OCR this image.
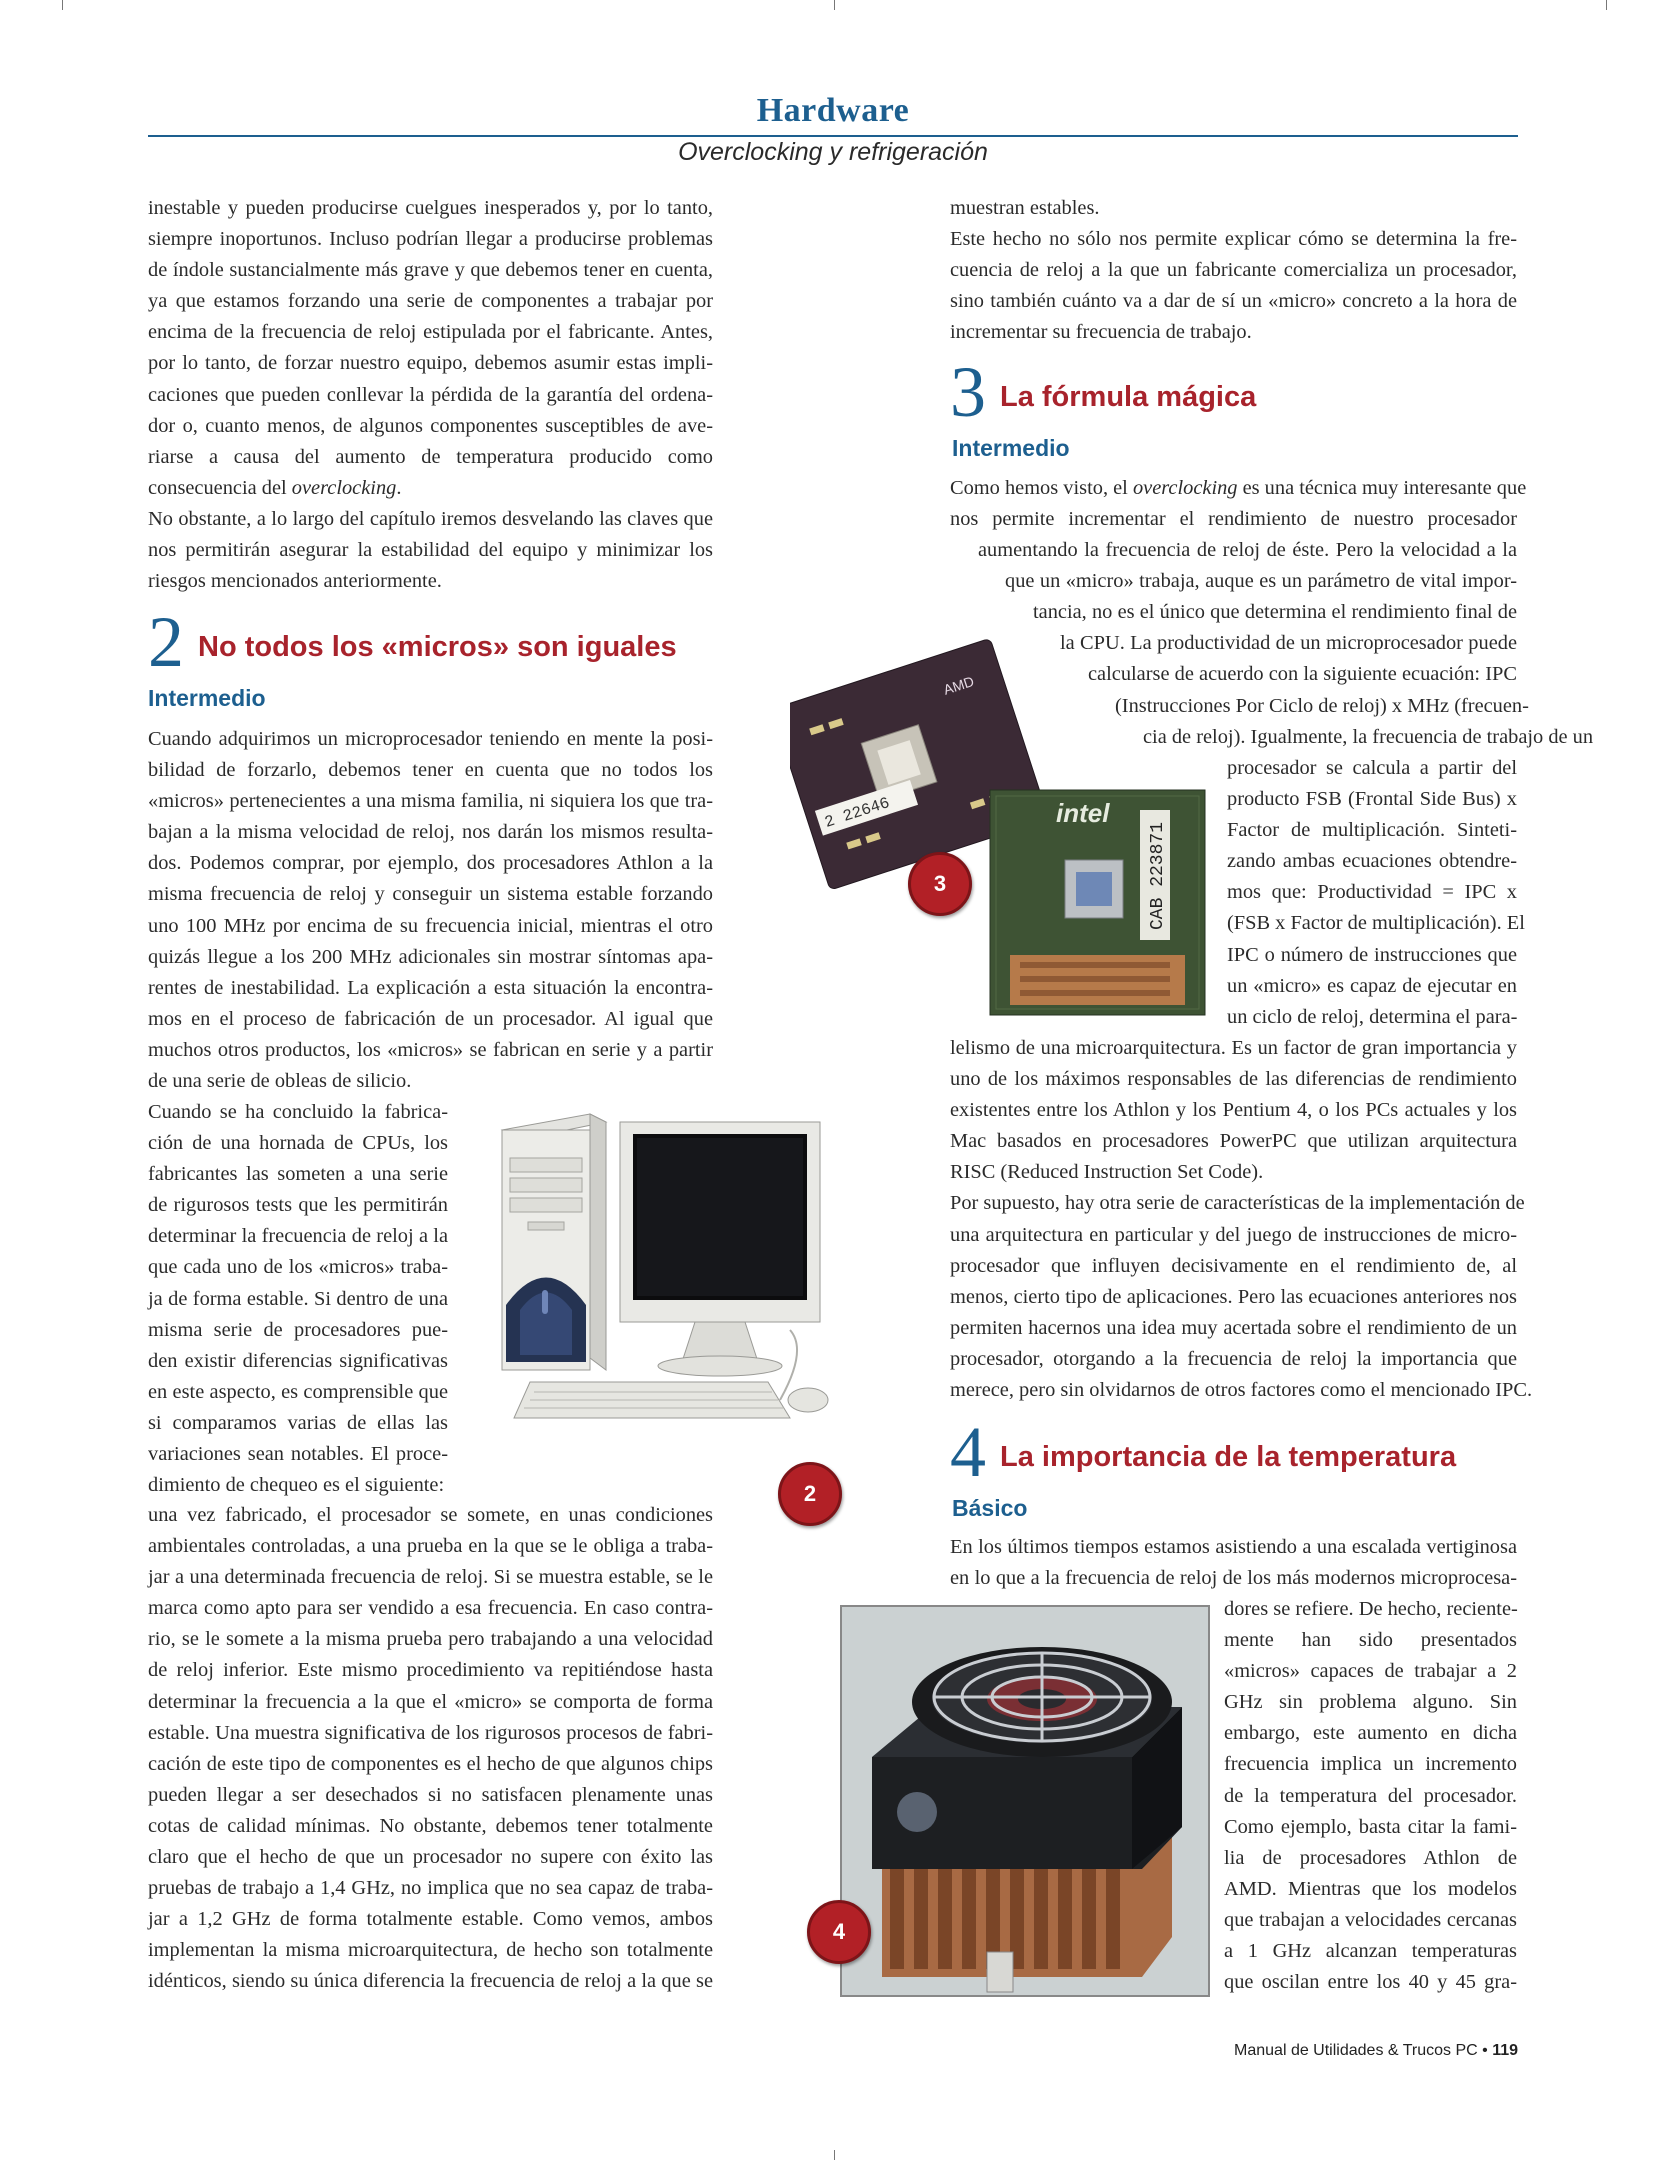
Hardware
Overclocking y refrigeración
inestable y pueden producirse cuelgues inesperados y, por lo tanto,
siempre inoportunos. Incluso podrían llegar a producirse problemas
de índole sustancialmente más grave y que debemos tener en cuenta,
ya que estamos forzando una serie de componentes a trabajar por
encima de la frecuencia de reloj estipulada por el fabricante. Antes,
por lo tanto, de forzar nuestro equipo, debemos asumir estas impli-
caciones que pueden conllevar la pérdida de la garantía del ordena-
dor o, cuanto menos, de algunos componentes susceptibles de ave-
riarse a causa del aumento de temperatura producido como
consecuencia del overclocking.
No obstante, a lo largo del capítulo iremos desvelando las claves que
nos permitirán asegurar la estabilidad del equipo y minimizar los
riesgos mencionados anteriormente.
2 No todos los «micros» son iguales
Intermedio
Cuando adquirimos un microprocesador teniendo en mente la posi-
bilidad de forzarlo, debemos tener en cuenta que no todos los
«micros» pertenecientes a una misma familia, ni siquiera los que tra-
bajan a la misma velocidad de reloj, nos darán los mismos resulta-
dos. Podemos comprar, por ejemplo, dos procesadores Athlon a la
misma frecuencia de reloj y conseguir un sistema estable forzando
uno 100 MHz por encima de su frecuencia inicial, mientras el otro
quizás llegue a los 200 MHz adicionales sin mostrar síntomas apa-
rentes de inestabilidad. La explicación a esta situación la encontra-
mos en el proceso de fabricación de un procesador. Al igual que
muchos otros productos, los «micros» se fabrican en serie y a partir
de una serie de obleas de silicio.
Cuando se ha concluido la fabrica-
ción de una hornada de CPUs, los
fabricantes las someten a una serie
de rigurosos tests que les permitirán
determinar la frecuencia de reloj a la
que cada uno de los «micros» traba-
ja de forma estable. Si dentro de una
misma serie de procesadores pue-
den existir diferencias significativas
en este aspecto, es comprensible que
si comparamos varias de ellas las
variaciones sean notables. El proce-
dimiento de chequeo es el siguiente:
una vez fabricado, el procesador se somete, en unas condiciones
ambientales controladas, a una prueba en la que se le obliga a traba-
jar a una determinada frecuencia de reloj. Si se muestra estable, se le
marca como apto para ser vendido a esa frecuencia. En caso contra-
rio, se le somete a la misma prueba pero trabajando a una velocidad
de reloj inferior. Este mismo procedimiento va repitiéndose hasta
determinar la frecuencia a la que el «micro» se comporta de forma
estable. Una muestra significativa de los rigurosos procesos de fabri-
cación de este tipo de componentes es el hecho de que algunos chips
pueden llegar a ser desechados si no satisfacen plenamente unas
cotas de calidad mínimas. No obstante, debemos tener totalmente
claro que el hecho de que un procesador no supere con éxito las
pruebas de trabajo a 1,4 GHz, no implica que no sea capaz de traba-
jar a 1,2 GHz de forma totalmente estable. Como vemos, ambos
implementan la misma microarquitectura, de hecho son totalmente
idénticos, siendo su única diferencia la frecuencia de reloj a la que se
2
muestran estables.
Este hecho no sólo nos permite explicar cómo se determina la fre-
cuencia de reloj a la que un fabricante comercializa un procesador,
sino también cuánto va a dar de sí un «micro» concreto a la hora de
incrementar su frecuencia de trabajo.
3 La fórmula mágica
Intermedio
Como hemos visto, el overclocking es una técnica muy interesante que
nos permite incrementar el rendimiento de nuestro procesador
aumentando la frecuencia de reloj de éste. Pero la velocidad a la
que un «micro» trabaja, auque es un parámetro de vital impor-
tancia, no es el único que determina el rendimiento final de
la CPU. La productividad de un microprocesador puede
calcularse de acuerdo con la siguiente ecuación: IPC
(Instrucciones Por Ciclo de reloj) x MHz (frecuen-
cia de reloj). Igualmente, la frecuencia de trabajo de un
procesador se calcula a partir del
producto FSB (Frontal Side Bus) x
Factor de multiplicación. Sinteti-
zando ambas ecuaciones obtendre-
mos que: Productividad = IPC x
(FSB x Factor de multiplicación). El
IPC o número de instrucciones que
un «micro» es capaz de ejecutar en
un ciclo de reloj, determina el para-
lelismo de una microarquitectura. Es un factor de gran importancia y
uno de los máximos responsables de las diferencias de rendimiento
existentes entre los Athlon y los Pentium 4, o los PCs actuales y los
Mac basados en procesadores PowerPC que utilizan arquitectura
RISC (Reduced Instruction Set Code).
Por supuesto, hay otra serie de características de la implementación de
una arquitectura en particular y del juego de instrucciones de micro-
procesador que influyen decisivamente en el rendimiento de, al
menos, cierto tipo de aplicaciones. Pero las ecuaciones anteriores nos
permiten hacernos una idea muy acertada sobre el rendimiento de un
procesador, otorgando a la frecuencia de reloj la importancia que
merece, pero sin olvidarnos de otros factores como el mencionado IPC.
2 22646
AMD
intel
CAB 223871
3
4 La importancia de la temperatura
Básico
En los últimos tiempos estamos asistiendo a una escalada vertiginosa
en lo que a la frecuencia de reloj de los más modernos microprocesa-
dores se refiere. De hecho, reciente-
mente han sido presentados
«micros» capaces de trabajar a 2
GHz sin problema alguno. Sin
embargo, este aumento en dicha
frecuencia implica un incremento
de la temperatura del procesador.
Como ejemplo, basta citar la fami-
lia de procesadores Athlon de
AMD. Mientras que los modelos
que trabajan a velocidades cercanas
a 1 GHz alcanzan temperaturas
que oscilan entre los 40 y 45 gra-
4
Manual de Utilidades & Trucos PC • 119
